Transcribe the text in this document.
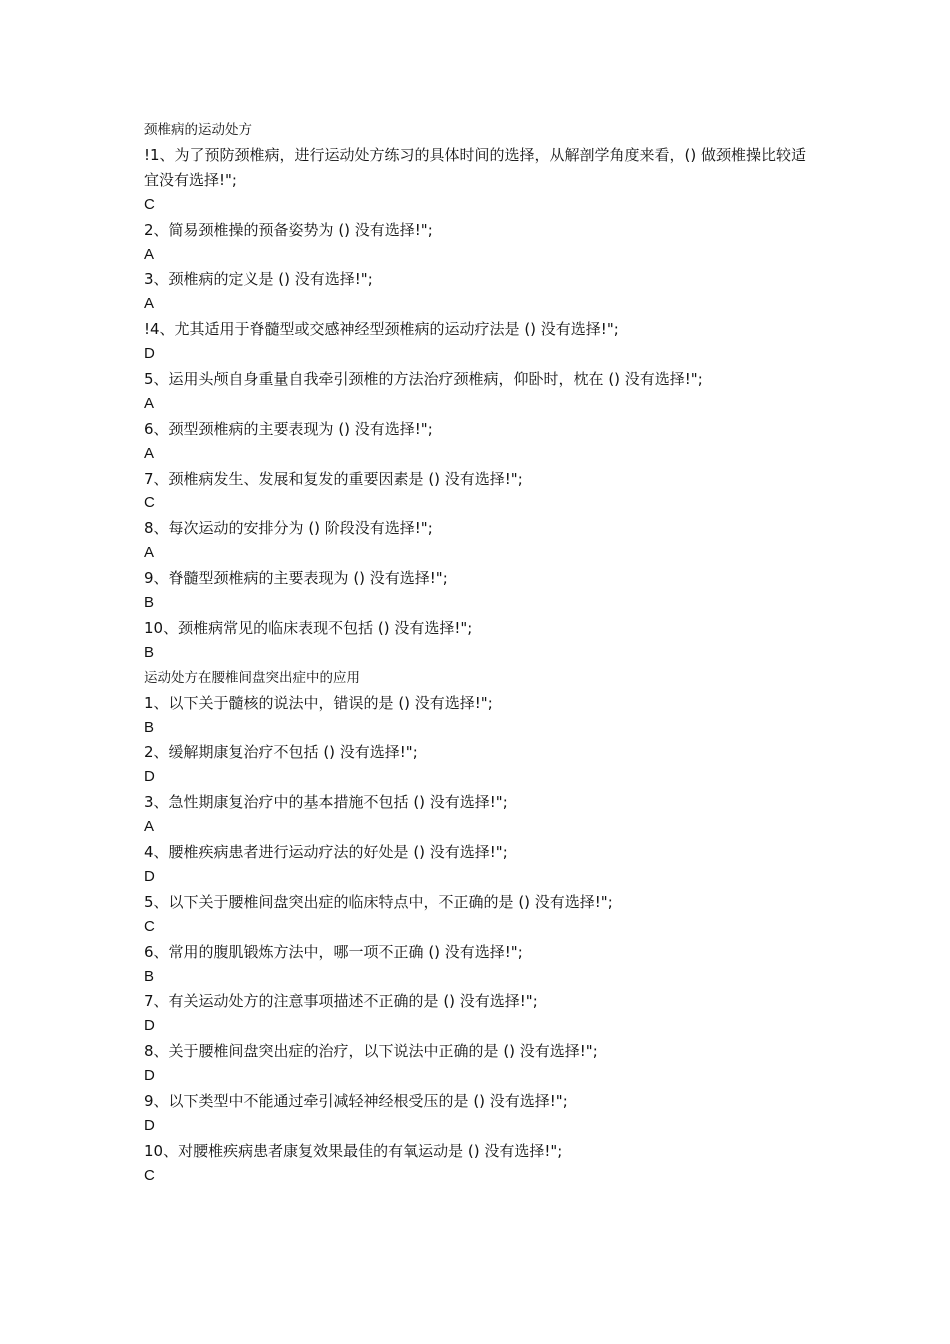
颈椎病的运动处方
!1、为了预防颈椎病，进行运动处方练习的具体时间的选择，从解剖学角度来看，() 做颈椎操比较适宜没有选择!";
C
2、简易颈椎操的预备姿势为 () 没有选择!";
A
3、颈椎病的定义是 () 没有选择!";
A
!4、尤其适用于脊髓型或交感神经型颈椎病的运动疗法是 () 没有选择!";
D
5、运用头颅自身重量自我牵引颈椎的方法治疗颈椎病，仰卧时，枕在 () 没有选择!";
A
6、颈型颈椎病的主要表现为 () 没有选择!";
A
7、颈椎病发生、发展和复发的重要因素是 () 没有选择!";
C
8、每次运动的安排分为 () 阶段没有选择!";
A
9、脊髓型颈椎病的主要表现为 () 没有选择!";
B
10、颈椎病常见的临床表现不包括 () 没有选择!";
B
运动处方在腰椎间盘突出症中的应用
1、以下关于髓核的说法中，错误的是 () 没有选择!";
B
2、缓解期康复治疗不包括 () 没有选择!";
D
3、急性期康复治疗中的基本措施不包括 () 没有选择!";
A
4、腰椎疾病患者进行运动疗法的好处是 () 没有选择!";
D
5、以下关于腰椎间盘突出症的临床特点中，不正确的是 () 没有选择!";
C
6、常用的腹肌锻炼方法中，哪一项不正确 () 没有选择!";
B
7、有关运动处方的注意事项描述不正确的是 () 没有选择!";
D
8、关于腰椎间盘突出症的治疗，以下说法中正确的是 () 没有选择!";
D
9、以下类型中不能通过牵引减轻神经根受压的是 () 没有选择!";
D
10、对腰椎疾病患者康复效果最佳的有氧运动是 () 没有选择!";
C
